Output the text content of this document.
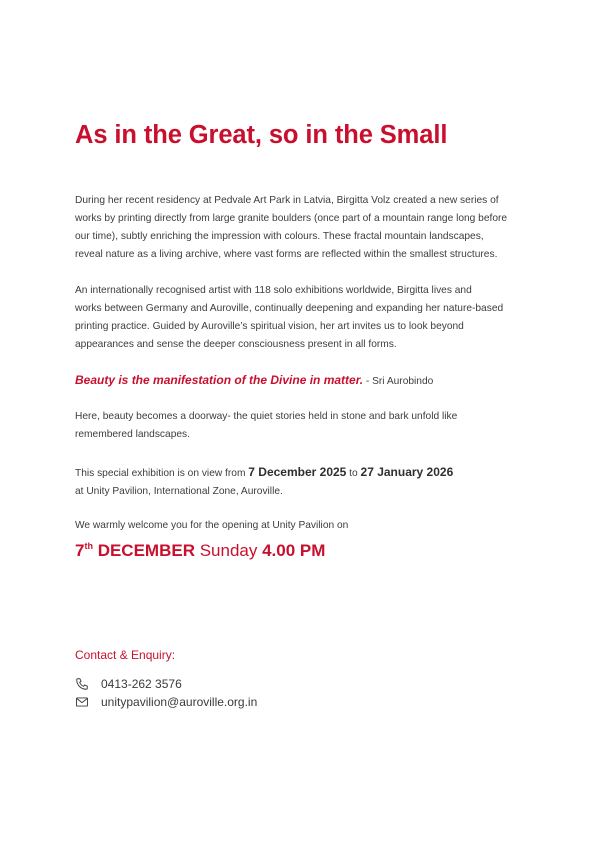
As in the Great, so in the Small

During her recent residency at Pedvale Art Park in Latvia, Birgitta Volz created a new series of
works by printing directly from large granite boulders (once part of a mountain range long before
our time), subtly enriching the impression with colours. These fractal mountain landscapes,
reveal nature as a living archive, where vast forms are reflected within the smallest structures.

An internationally recognised artist with 118 solo exhibitions worldwide, Birgitta lives and
works between Germany and Auroville, continually deepening and expanding her nature-based
printing practice. Guided by Auroville’s spiritual vision, her art invites us to look beyond
appearances and sense the deeper consciousness present in all forms.

Beauty is the manifestation of the Divine in matter. - Sri Aurobindo

Here, beauty becomes a doorway- the quiet stories held in stone and bark unfold like
remembered landscapes.

This special exhibition is on view from 7 December 2025 to 27 January 2026
at Unity Pavilion, International Zone, Auroville.

We warmly welcome you for the opening at Unity Pavilion on

7th DECEMBER Sunday 4.00 PM

Contact & Enquiry:

0413-262 3576
unitypavilion@auroville.org.in
